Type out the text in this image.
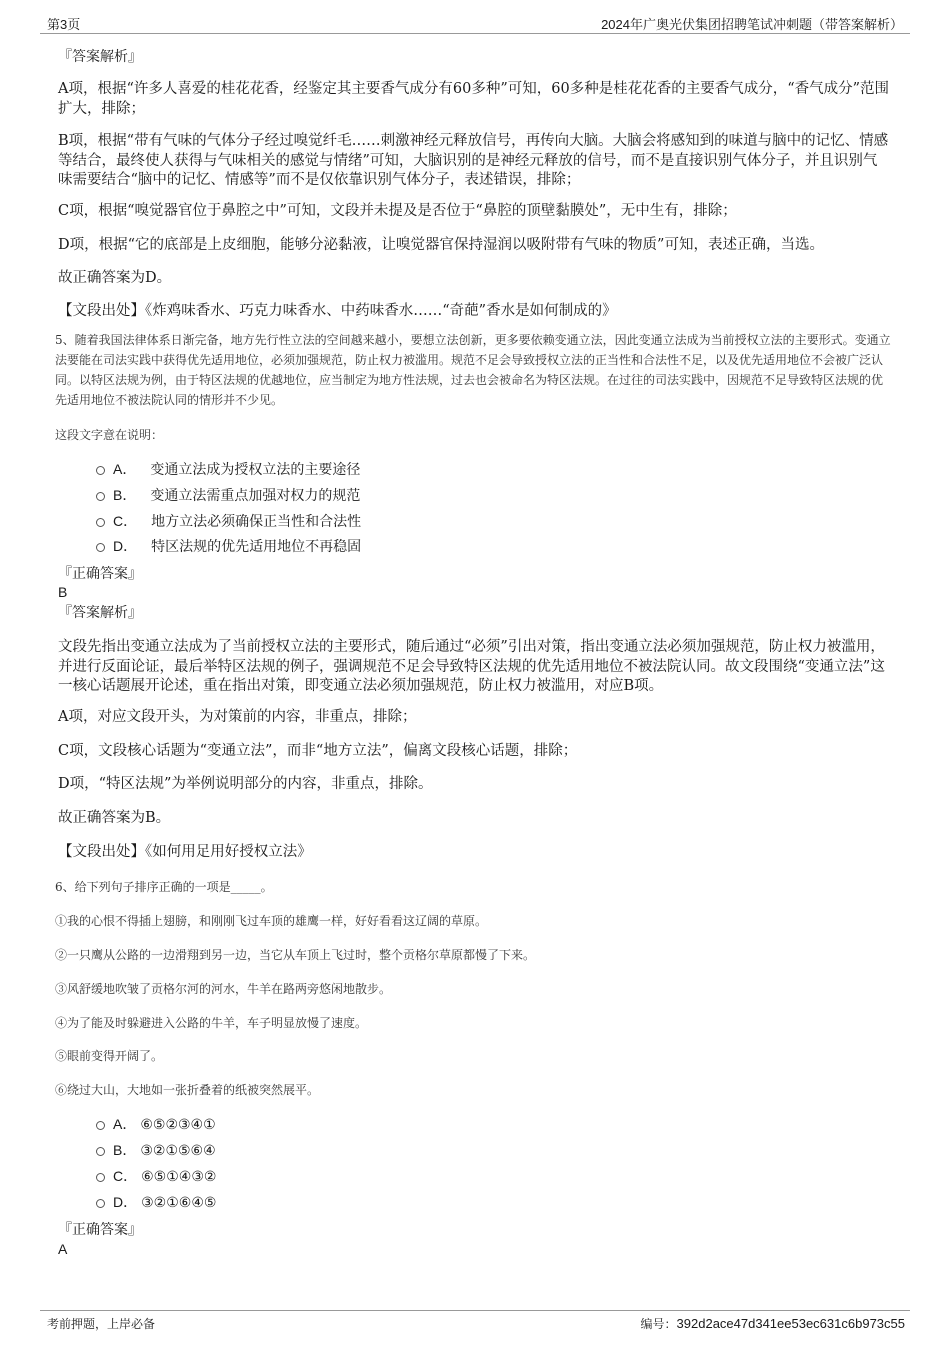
第3页	2024年广奥光伏集团招聘笔试冲刺题（带答案解析）
『答案解析』
A项，根据“许多人喜爱的桂花花香，经鉴定其主要香气成分有60多种”可知，60多种是桂花花香的主要香气成分，“香气成分”范围扩大，排除；
B项，根据“带有气味的气体分子经过嗅觉纤毛……刺激神经元释放信号，再传向大脑。大脑会将感知到的味道与脑中的记忆、情感等结合，最终使人获得与气味相关的感觉与情绪”可知，大脑识别的是神经元释放的信号，而不是直接识别气体分子，并且识别气味需要结合“脑中的记忆、情感等”而不是仅依靠识别气体分子，表述错误，排除；
C项，根据“嗅觉器官位于鼻腔之中”可知，文段并未提及是否位于“鼻腔的顶壁黏膜处”，无中生有，排除；
D项，根据“它的底部是上皮细胞，能够分泌黏液，让嗅觉器官保持湿润以吸附带有气味的物质”可知，表述正确，当选。
故正确答案为D。
【文段出处】《炸鸡味香水、巧克力味香水、中药味香水……“奇葩”香水是如何制成的》
5、随着我国法律体系日渐完备，地方先行性立法的空间越来越小，要想立法创新，更多要依赖变通立法，因此变通立法成为当前授权立法的主要形式。变通立法要能在司法实践中获得优先适用地位，必须加强规范，防止权力被滥用。规范不足会导致授权立法的正当性和合法性不足，以及优先适用地位不会被广泛认同。以特区法规为例，由于特区法规的优越地位，应当制定为地方性法规，过去也会被命名为特区法规。在过往的司法实践中，因规范不足导致特区法规的优先适用地位不被法院认同的情形并不少见。
这段文字意在说明：
A． 变通立法成为授权立法的主要途径
B． 变通立法需重点加强对权力的规范
C． 地方立法必须确保正当性和合法性
D． 特区法规的优先适用地位不再稳固
『正确答案』
B
『答案解析』
文段先指出变通立法成为了当前授权立法的主要形式，随后通过“必须”引出对策，指出变通立法必须加强规范，防止权力被滥用，并进行反面论证，最后举特区法规的例子，强调规范不足会导致特区法规的优先适用地位不被法院认同。故文段围绕“变通立法”这一核心话题展开论述，重在指出对策，即变通立法必须加强规范，防止权力被滥用，对应B项。
A项，对应文段开头，为对策前的内容，非重点，排除；
C项，文段核心话题为“变通立法”，而非“地方立法”，偏离文段核心话题，排除；
D项，“特区法规”为举例说明部分的内容，非重点，排除。
故正确答案为B。
【文段出处】《如何用足用好授权立法》
6、给下列句子排序正确的一项是_____。
①我的心恨不得插上翅膀，和刚刚飞过车顶的雄鹰一样，好好看看这辽阔的草原。
②一只鹰从公路的一边滑翔到另一边，当它从车顶上飞过时，整个贡格尔草原都慢了下来。
③风舒缓地吹皱了贡格尔河的河水，牛羊在路两旁悠闲地散步。
④为了能及时躲避进入公路的牛羊，车子明显放慢了速度。
⑤眼前变得开阔了。
⑥绕过大山，大地如一张折叠着的纸被突然展平。
A． ⑥⑤②③④①
B． ③②①⑤⑥④
C． ⑥⑤①④③②
D． ③②①⑥④⑤
『正确答案』
A
考前押题，上岸必备	编号：392d2ace47d341ee53ec631c6b973c55
